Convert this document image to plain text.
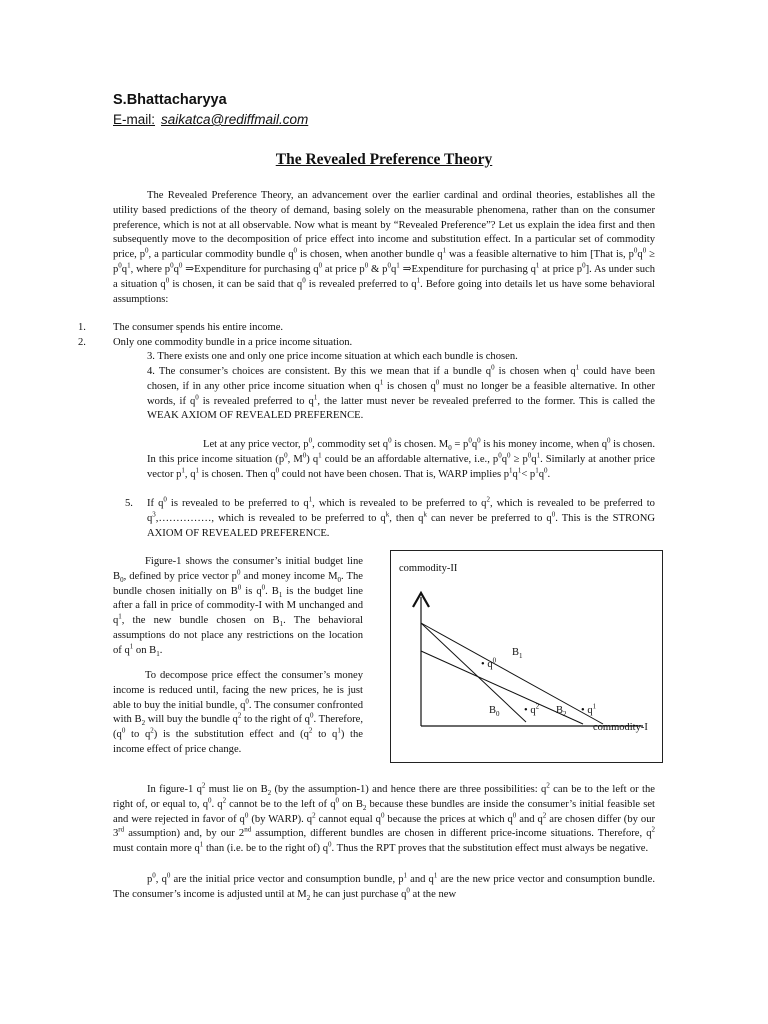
S.Bhattacharyya
E-mail: saikatca@rediffmail.com
The Revealed Preference Theory
The Revealed Preference Theory, an advancement over the earlier cardinal and ordinal theories, establishes all the utility based predictions of the theory of demand, basing solely on the measurable phenomena, rather than on the consumer preference, which is not at all observable. Now what is meant by “Revealed Preference”? Let us explain the idea first and then subsequently move to the decomposition of price effect into income and substitution effect. In a particular set of commodity price, $p^0$, a particular commodity bundle $q^0$ is chosen, when another bundle $q^1$ was a feasible alternative to him [That is, $p^0q^0 \ge p^0q^1$, where $p^0q^0$ ⇒Expenditure for purchasing $q^0$ at price $p^0$ & $p^0q^1$ ⇒Expenditure for purchasing $q^1$ at price $p^0$]. As under such a situation $q^0$ is chosen, it can be said that $q^0$ is revealed preferred to $q^1$. Before going into details let us have some behavioral assumptions:
1.	The consumer spends his entire income.
2.	Only one commodity bundle in a price income situation.
3. There exists one and only one price income situation at which each bundle is chosen.
4. The consumer’s choices are consistent. By this we mean that if a bundle $q^0$ is chosen when $q^1$ could have been chosen, if in any other price income situation when $q^1$ is chosen $q^0$ must no longer be a feasible alternative. In other words, if $q^0$ is revealed preferred to $q^1$, the latter must never be revealed preferred to the former. This is called the WEAK AXIOM OF REVEALED PREFERENCE.
Let at any price vector, $p^0$, commodity set $q^0$ is chosen. $M_0 = p^0q^0$ is his money income, when $q^0$ is chosen. In this price income situation ($p^0$, $M^0$) $q^1$ could be an affordable alternative, i.e., $p^0q^0 \ge p^0q^1$. Similarly at another price vector $p^1$, $q^1$ is chosen. Then $q^0$ could not have been chosen. That is, WARP implies $p^1q^1< p^1q^0$.
5. If $q^0$ is revealed to be preferred to $q^1$, which is revealed to be preferred to $q^2$, which is revealed to be preferred to $q^3,\dots\dots\dots\dots\dots$, which is revealed to be preferred to $q^k$, then $q^k$ can never be preferred to $q^0$. This is the STRONG AXIOM OF REVEALED PREFERENCE.
Figure-1 shows the consumer’s initial budget line $B_0$, defined by price vector $p^0$ and money income $M_0$. The bundle chosen initially on $B^0$ is $q^0$. $B_1$ is the budget line after a fall in price of commodity-I with M unchanged and $q^1$, the new bundle chosen on $B_1$. The behavioral assumptions do not place any restrictions on the location of $q^1$ on $B_1$.
To decompose price effect the consumer’s money income is reduced until, facing the new prices, he is just able to buy the initial bundle, $q^0$. The consumer confronted with $B_2$ will buy the bundle $q^2$ to the right of $q^0$. Therefore, ($q^0$ to $q^2$) is the substitution effect and ($q^2$ to $q^1$) the income effect of price change.
commodity-II
$B_1$
• $q^0$
$B_0$ • $q^2$ $B_2$ • $q^1$
commodity-I
In figure-1 $q^2$ must lie on $B_2$ (by the assumption-1) and hence there are three possibilities: $q^2$ can be to the left or the right of, or equal to, $q^0$. $q^2$ cannot be to the left of $q^0$ on $B_2$ because these bundles are inside the consumer’s initial feasible set and were rejected in favor of $q^0$ (by WARP). $q^2$ cannot equal $q^0$ because the prices at which $q^0$ and $q^2$ are chosen differ (by our 3rd assumption) and, by our 2nd assumption, different bundles are chosen in different price-income situations. Therefore, $q^2$ must contain more $q^1$ than (i.e. be to the right of) $q^0$. Thus the RPT proves that the substitution effect must always be negative.
$p^0$, $q^0$ are the initial price vector and consumption bundle, $p^1$ and $q^1$ are the new price vector and consumption bundle. The consumer’s income is adjusted until at $M_2$ he can just purchase $q^0$ at the new
